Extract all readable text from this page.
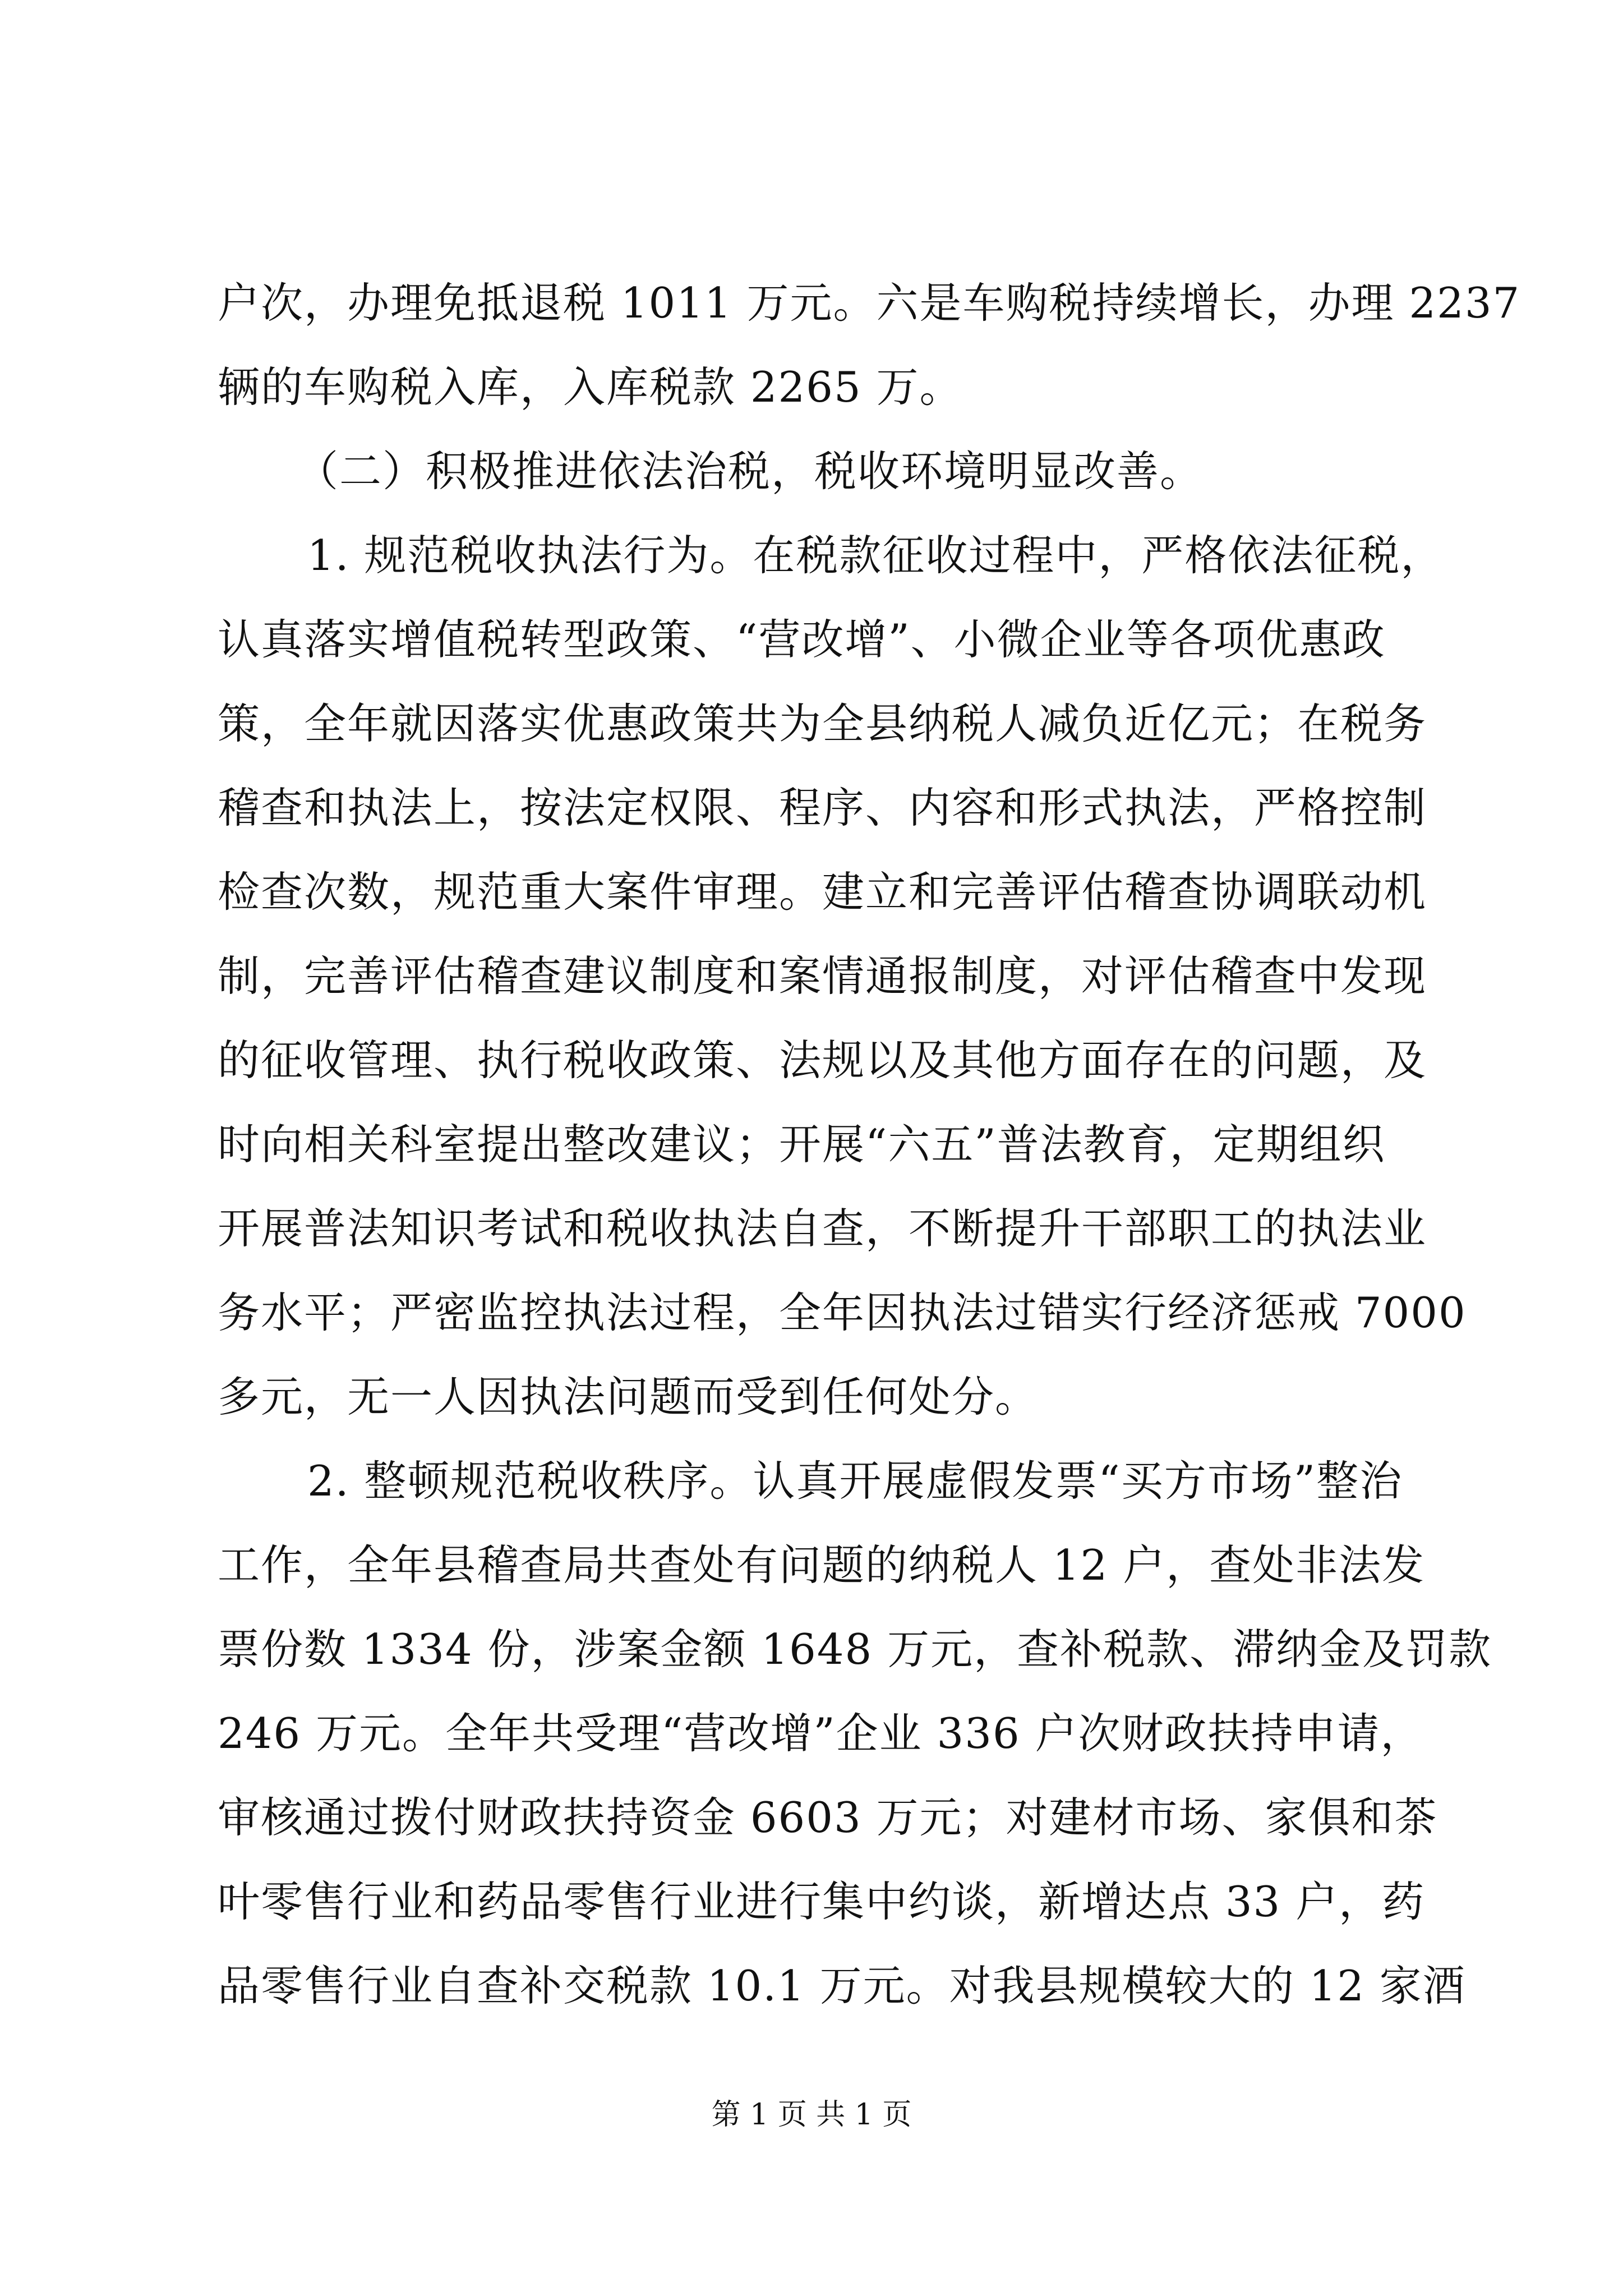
户次，办理免抵退税 1011 万元。六是车购税持续增长，办理 2237
辆的车购税入库，入库税款 2265 万。
（二）积极推进依法治税，税收环境明显改善。
1. 规范税收执法行为。在税款征收过程中，严格依法征税，
认真落实增值税转型政策、“营改增”、小微企业等各项优惠政
策，全年就因落实优惠政策共为全县纳税人减负近亿元；在税务
稽查和执法上，按法定权限、程序、内容和形式执法，严格控制
检查次数，规范重大案件审理。建立和完善评估稽查协调联动机
制，完善评估稽查建议制度和案情通报制度，对评估稽查中发现
的征收管理、执行税收政策、法规以及其他方面存在的问题，及
时向相关科室提出整改建议；开展“六五”普法教育，定期组织
开展普法知识考试和税收执法自查，不断提升干部职工的执法业
务水平；严密监控执法过程，全年因执法过错实行经济惩戒 7000
多元，无一人因执法问题而受到任何处分。
2. 整顿规范税收秩序。认真开展虚假发票“买方市场”整治
工作，全年县稽查局共查处有问题的纳税人 12 户，查处非法发
票份数 1334 份，涉案金额 1648 万元，查补税款、滞纳金及罚款
246 万元。全年共受理“营改增”企业 336 户次财政扶持申请，
审核通过拨付财政扶持资金 6603 万元；对建材市场、家俱和茶
叶零售行业和药品零售行业进行集中约谈，新增达点 33 户，药
品零售行业自查补交税款 10.1 万元。对我县规模较大的 12 家酒
第 1 页 共 1 页
